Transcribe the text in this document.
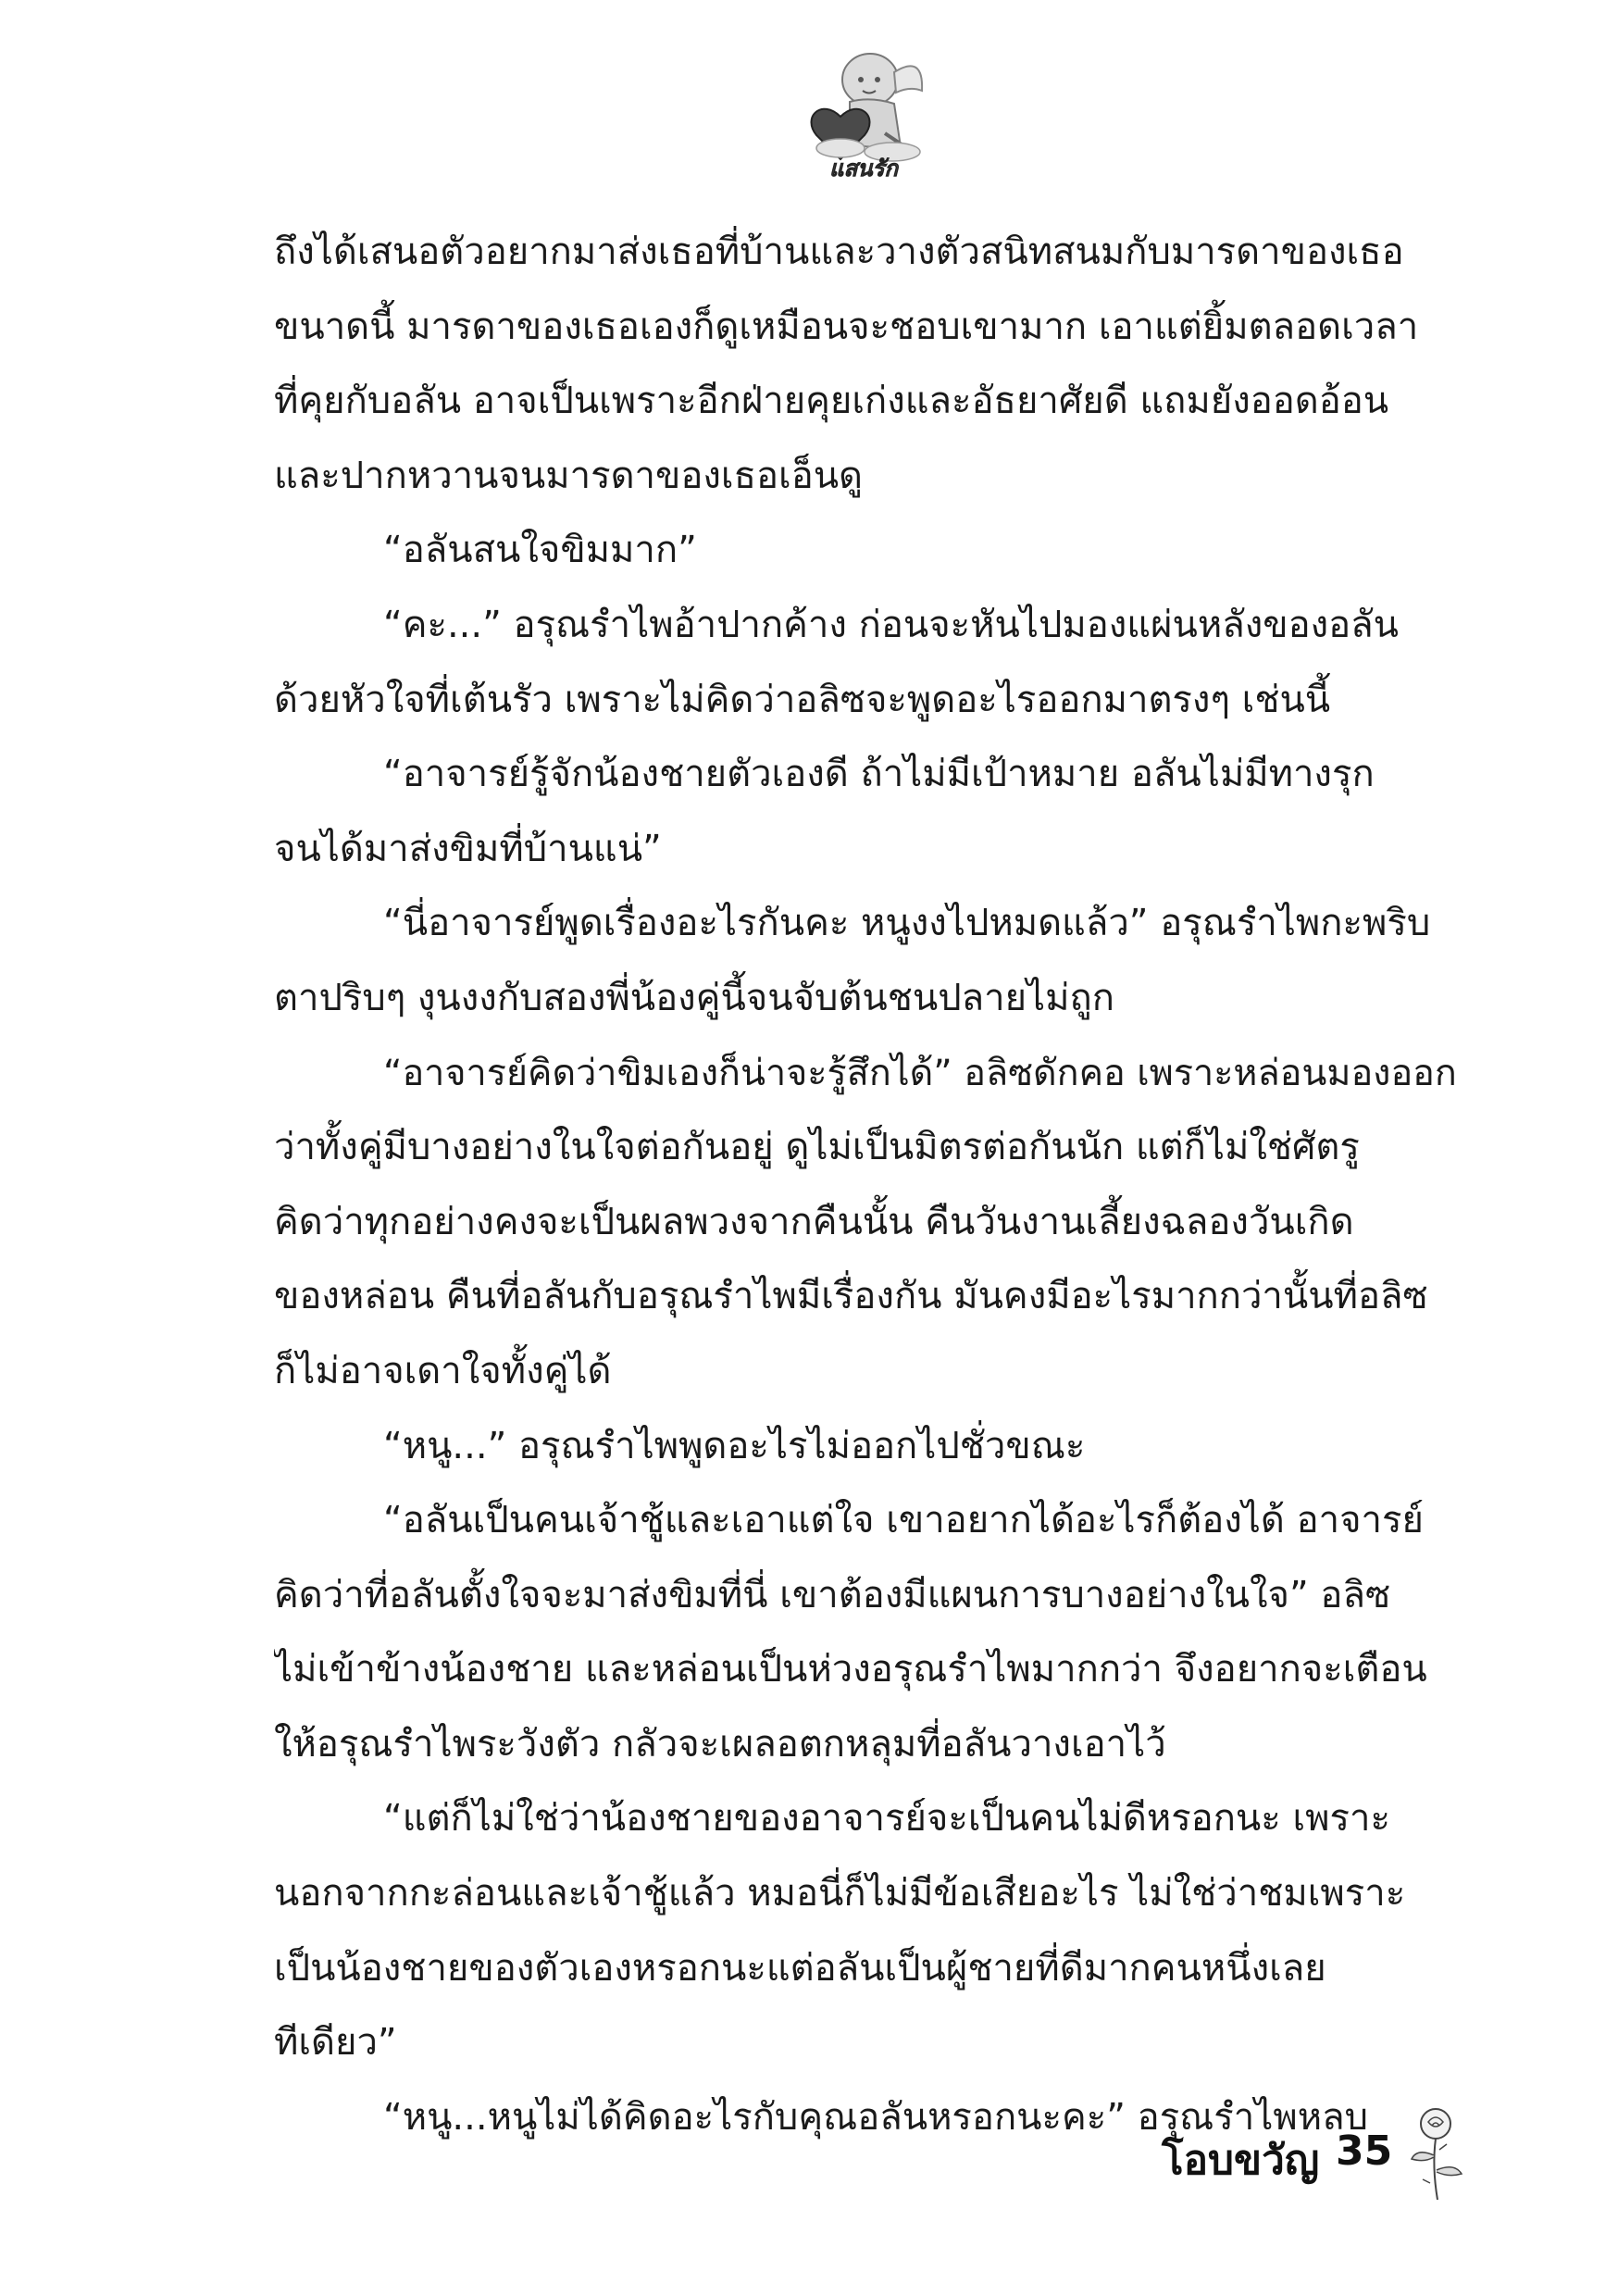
แสนรัก
ถึงได้เสนอตัวอยากมาส่งเธอที่บ้านและวางตัวสนิทสนมกับมารดาของเธอ
ขนาดนี้ มารดาของเธอเองก็ดูเหมือนจะชอบเขามาก เอาแต่ยิ้มตลอดเวลา
ที่คุยกับอลัน อาจเป็นเพราะอีกฝ่ายคุยเก่งและอัธยาศัยดี แถมยังออดอ้อน
และปากหวานจนมารดาของเธอเอ็นดู
“อลันสนใจขิมมาก”
“คะ...” อรุณรำไพอ้าปากค้าง ก่อนจะหันไปมองแผ่นหลังของอลัน
ด้วยหัวใจที่เต้นรัว เพราะไม่คิดว่าอลิซจะพูดอะไรออกมาตรงๆ เช่นนี้
“อาจารย์รู้จักน้องชายตัวเองดี ถ้าไม่มีเป้าหมาย อลันไม่มีทางรุก
จนได้มาส่งขิมที่บ้านแน่”
“นี่อาจารย์พูดเรื่องอะไรกันคะ หนูงงไปหมดแล้ว” อรุณรำไพกะพริบ
ตาปริบๆ งุนงงกับสองพี่น้องคู่นี้จนจับต้นชนปลายไม่ถูก
“อาจารย์คิดว่าขิมเองก็น่าจะรู้สึกได้” อลิซดักคอ เพราะหล่อนมองออก
ว่าทั้งคู่มีบางอย่างในใจต่อกันอยู่ ดูไม่เป็นมิตรต่อกันนัก แต่ก็ไม่ใช่ศัตรู
คิดว่าทุกอย่างคงจะเป็นผลพวงจากคืนนั้น คืนวันงานเลี้ยงฉลองวันเกิด
ของหล่อน คืนที่อลันกับอรุณรำไพมีเรื่องกัน มันคงมีอะไรมากกว่านั้นที่อลิซ
ก็ไม่อาจเดาใจทั้งคู่ได้
“หนู...” อรุณรำไพพูดอะไรไม่ออกไปชั่วขณะ
“อลันเป็นคนเจ้าชู้และเอาแต่ใจ เขาอยากได้อะไรก็ต้องได้ อาจารย์
คิดว่าที่อลันตั้งใจจะมาส่งขิมที่นี่ เขาต้องมีแผนการบางอย่างในใจ” อลิซ
ไม่เข้าข้างน้องชาย และหล่อนเป็นห่วงอรุณรำไพมากกว่า จึงอยากจะเตือน
ให้อรุณรำไพระวังตัว กลัวจะเผลอตกหลุมที่อลันวางเอาไว้
“แต่ก็ไม่ใช่ว่าน้องชายของอาจารย์จะเป็นคนไม่ดีหรอกนะ เพราะ
นอกจากกะล่อนและเจ้าชู้แล้ว หมอนี่ก็ไม่มีข้อเสียอะไร ไม่ใช่ว่าชมเพราะ
เป็นน้องชายของตัวเองหรอกนะแต่อลันเป็นผู้ชายที่ดีมากคนหนึ่งเลย
ทีเดียว”
“หนู...หนูไม่ได้คิดอะไรกับคุณอลันหรอกนะคะ” อรุณรำไพหลบ
โอบขวัญ 35
